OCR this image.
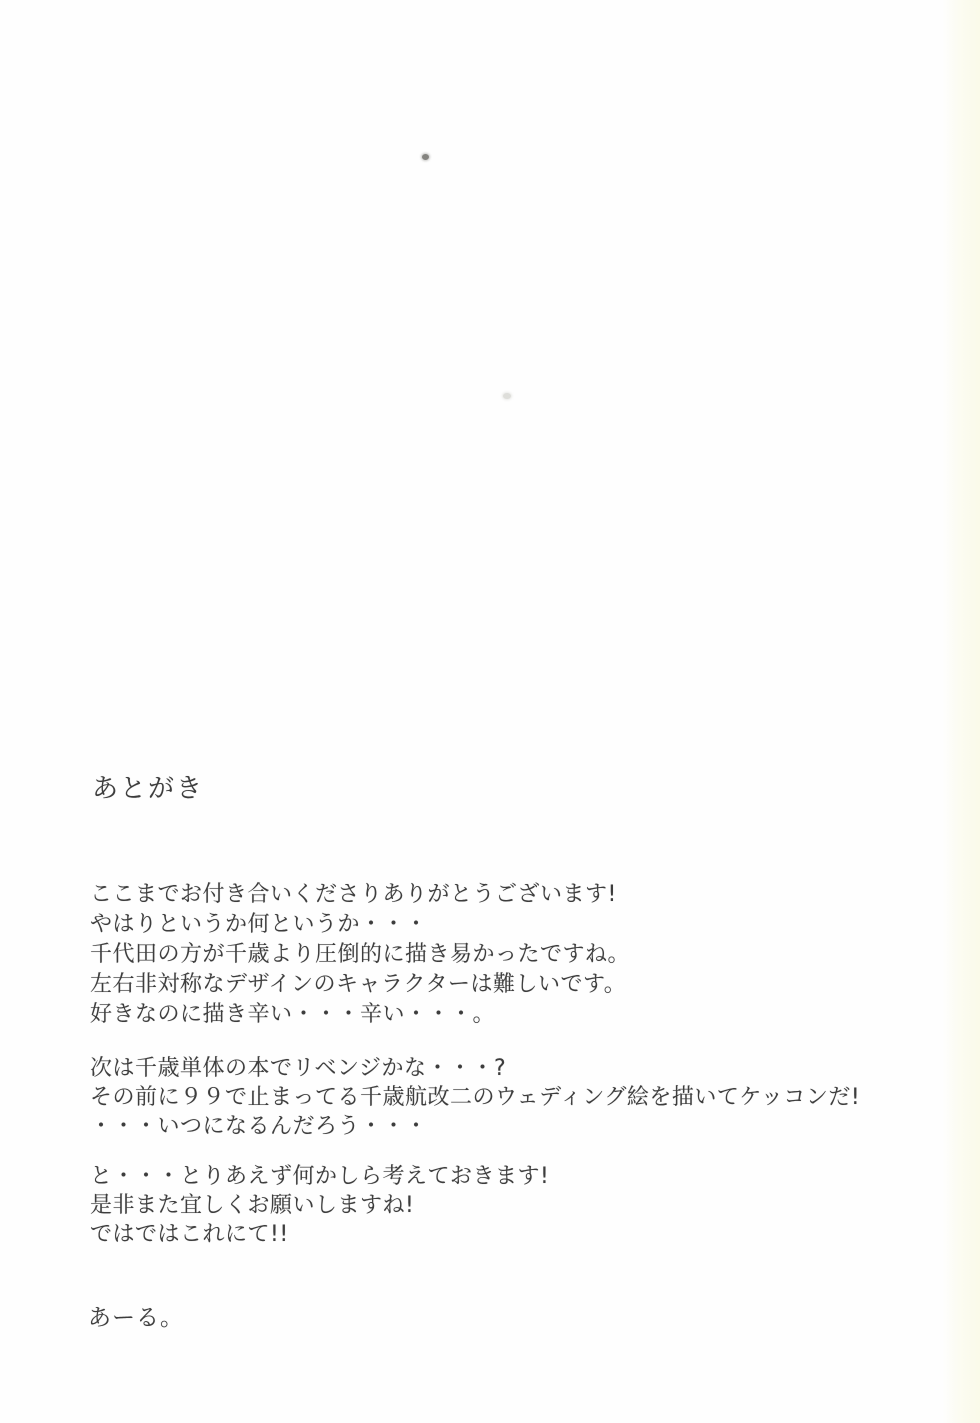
あとがき
ここまでお付き合いくださりありがとうございます!
やはりというか何というか・・・
千代田の方が千歳より圧倒的に描き易かったですね。
左右非対称なデザインのキャラクターは難しいです。
好きなのに描き辛い・・・辛い・・・。
次は千歳単体の本でリベンジかな・・・?
その前に９９で止まってる千歳航改二のウェディング絵を描いてケッコンだ!
・・・いつになるんだろう・・・
と・・・とりあえず何かしら考えておきます!
是非また宜しくお願いしますね!
ではではこれにて!!
あーる。
